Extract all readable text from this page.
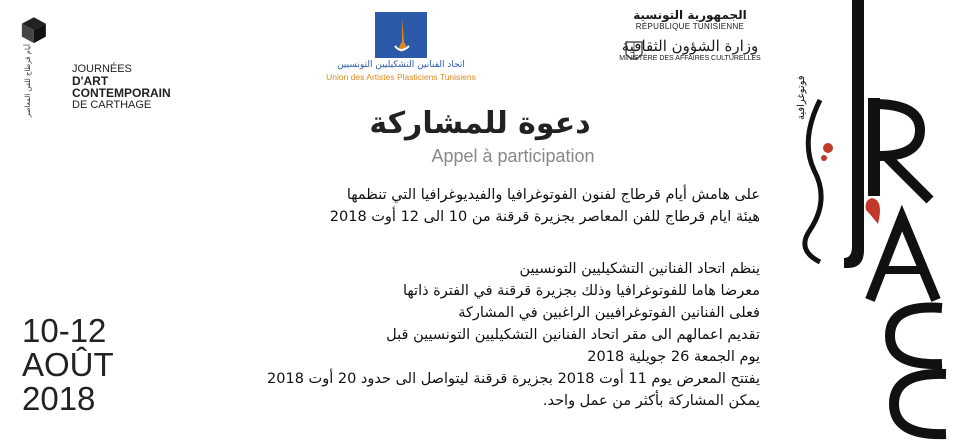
أيام قرطاج للفن المعاصر	JOURNÉES
D'ART
CONTEMPORAIN
DE CARTHAGE
اتحاد الفنانين التشكيليين التونسيين
Union des Artistes Plasticiens Tunisiens
الجمهورية التونسية
RÉPUBLIQUE TUNISIENNE
وزارة الشؤون الثقافية
MINISTÈRE DES AFFAIRES CULTURELLES
دعوة للمشاركة
Appel à participation
على هامش أيام قرطاج لفنون الفوتوغرافيا والفيديوغرافيا التي تنظمها
هيئة ايام قرطاج للفن المعاصر بجزيرة قرقنة من 10 الى 12 أوت 2018
ينظم اتحاد الفنانين التشكيليين التونسيين
معرضا هاما للفوتوغرافيا وذلك بجزيرة قرقنة في الفترة ذاتها
فعلى الفنانين الفوتوغرافيين الراغبين في المشاركة
تقديم اعمالهم الى مقر اتحاد الفنانين التشكيليين التونسيين قبل
يوم الجمعة 26 جويلية 2018
يفتتح المعرض يوم 11 أوت 2018 بجزيرة قرقنة ليتواصل الى حدود 20 أوت 2018
يمكن المشاركة بأكثر من عمل واحد.
10-12
AOÛT
2018
فوتوغرافية
